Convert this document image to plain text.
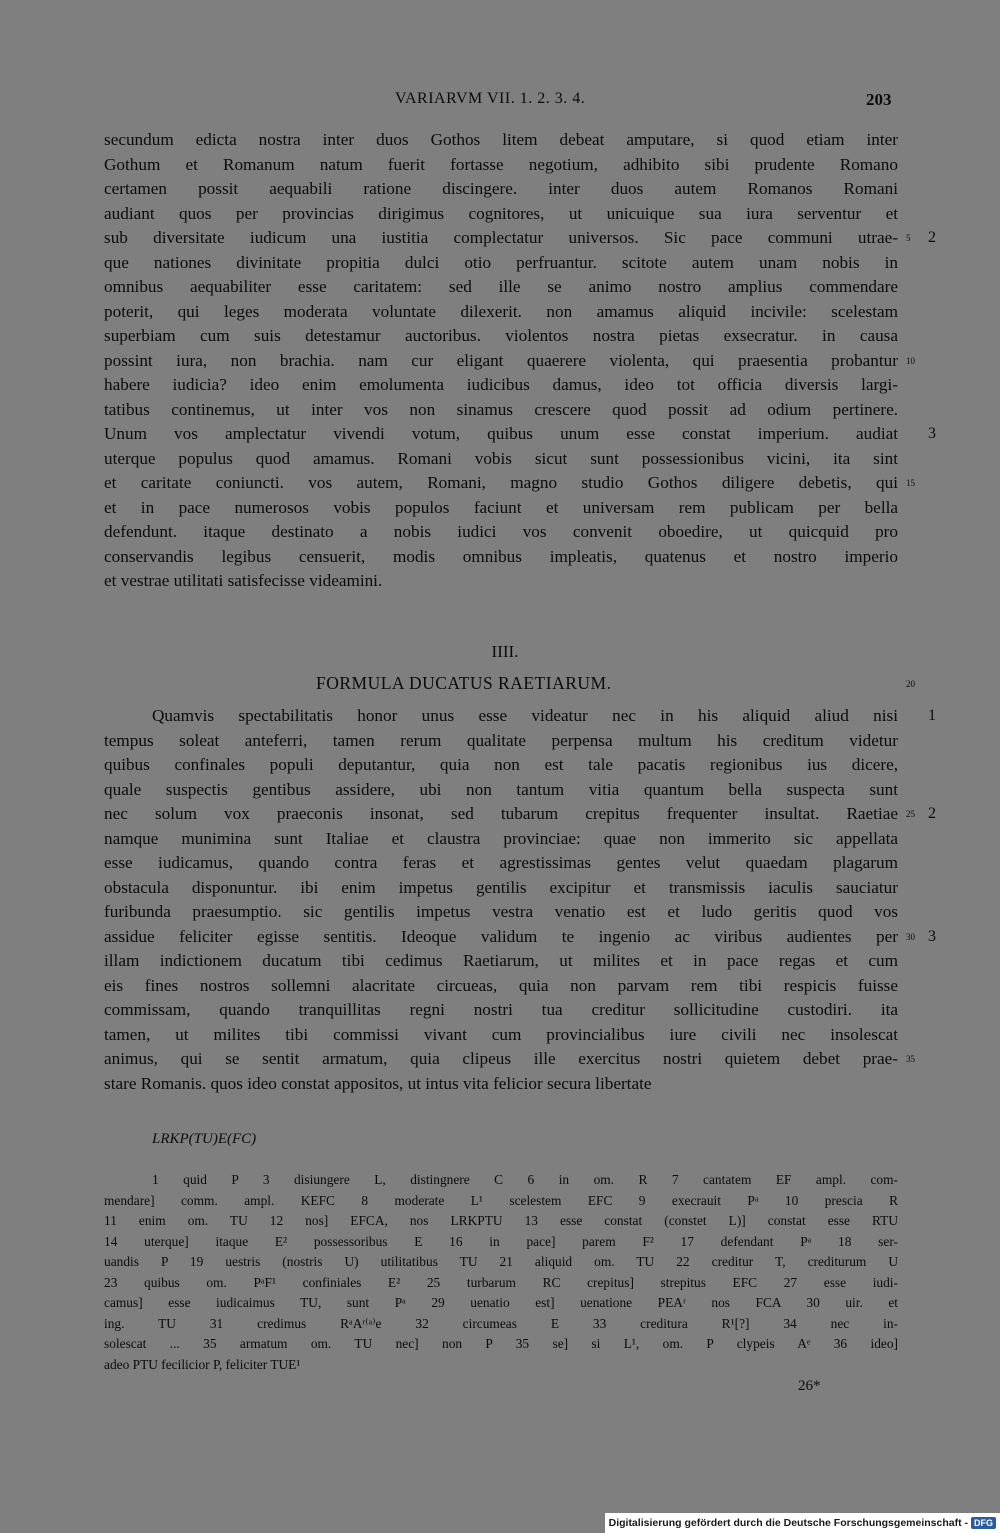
VARIARVM VII. 1. 2. 3. 4.	203
secundum edicta nostra inter duos Gothos litem debeat amputare, si quod etiam inter
Gothum et Romanum natum fuerit fortasse negotium, adhibito sibi prudente Romano
certamen possit aequabili ratione discingere. inter duos autem Romanos Romani
audiant quos per provincias dirigimus cognitores, ut unicuique sua iura serventur et
sub diversitate iudicum una iustitia complectatur universos. Sic pace communi utrae-
que nationes divinitate propitia dulci otio perfruantur. scitote autem unam nobis in
omnibus aequabiliter esse caritatem: sed ille se animo nostro amplius commendare
poterit, qui leges moderata voluntate dilexerit. non amamus aliquid incivile: scelestam
superbiam cum suis detestamur auctoribus. violentos nostra pietas exsecratur. in causa
possint iura, non brachia. nam cur eligant quaerere violenta, qui praesentia probantur
habere iudicia? ideo enim emolumenta iudicibus damus, ideo tot officia diversis largi-
tatibus continemus, ut inter vos non sinamus crescere quod possit ad odium pertinere.
Unum vos amplectatur vivendi votum, quibus unum esse constat imperium. audiat
uterque populus quod amamus. Romani vobis sicut sunt possessionibus vicini, ita sint
et caritate coniuncti. vos autem, Romani, magno studio Gothos diligere debetis, qui
et in pace numerosos vobis populos faciunt et universam rem publicam per bella
defendunt. itaque destinato a nobis iudici vos convenit oboedire, ut quicquid pro
conservandis legibus censuerit, modis omnibus impleatis, quatenus et nostro imperio
et vestrae utilitati satisfecisse videamini.
5 2
10
3
15
IIII.
FORMULA DUCATUS RAETIARUM.	20
Quamvis spectabilitatis honor unus esse videatur nec in his aliquid aliud nisi
tempus soleat anteferri, tamen rerum qualitate perpensa multum his creditum videtur
quibus confinales populi deputantur, quia non est tale pacatis regionibus ius dicere,
quale suspectis gentibus assidere, ubi non tantum vitia quantum bella suspecta sunt
nec solum vox praeconis insonat, sed tubarum crepitus frequenter insultat. Raetiae
namque munimina sunt Italiae et claustra provinciae: quae non immerito sic appellata
esse iudicamus, quando contra feras et agrestissimas gentes velut quaedam plagarum
obstacula disponuntur. ibi enim impetus gentilis excipitur et transmissis iaculis sauciatur
furibunda praesumptio. sic gentilis impetus vestra venatio est et ludo geritis quod vos
assidue feliciter egisse sentitis. Ideoque validum te ingenio ac viribus audientes per
illam indictionem ducatum tibi cedimus Raetiarum, ut milites et in pace regas et cum
eis fines nostros sollemni alacritate circueas, quia non parvam rem tibi respicis fuisse
commissam, quando tranquillitas regni nostri tua creditur sollicitudine custodiri. ita
tamen, ut milites tibi commissi vivant cum provincialibus iure civili nec insolescat
animus, qui se sentit armatum, quia clipeus ille exercitus nostri quietem debet prae-
stare Romanis. quos ideo constat appositos, ut intus vita felicior secura libertate
1
25 2
30 3
35
LRKP(TU)E(FC)
1 quid P 3 disiungere L, distingnere C 6 in om. R 7 cantatem EF ampl. com-
mendare] comm. ampl. KEFC 8 moderate L¹ scelestem EFC 9 execrauit Pᵃ 10 prescia R
11 enim om. TU 12 nos] EFCA, nos LRKPTU 13 esse constat (constet L)] constat esse RTU
14 uterque] itaque E² possessoribus E 16 in pace] parem F² 17 defendant Pᵃ 18 ser-
uandis P 19 uestris (nostris U) utilitatibus TU 21 aliquid om. TU 22 creditur T, crediturum U
23 quibus om. PᵃF¹ confiniales E² 25 turbarum RC crepitus] strepitus EFC 27 esse iudi-
camus] esse iudicaimus TU, sunt Pᵃ 29 uenatio est] uenatione PEAʳ nos FCA 30 uir. et
ing. TU 31 credimus RᵃAʳ⁽ᵃ⁾e 32 circumeas E 33 creditura R¹[?] 34 nec in-
solescat ... 35 armatum om. TU nec] non P 35 se] si L¹, om. P clypeis Aᵉ 36 ideo]
adeo PTU fecilicior P, feliciter TUE¹
26*
Digitalisierung gefördert durch die Deutsche Forschungsgemeinschaft - DFG
